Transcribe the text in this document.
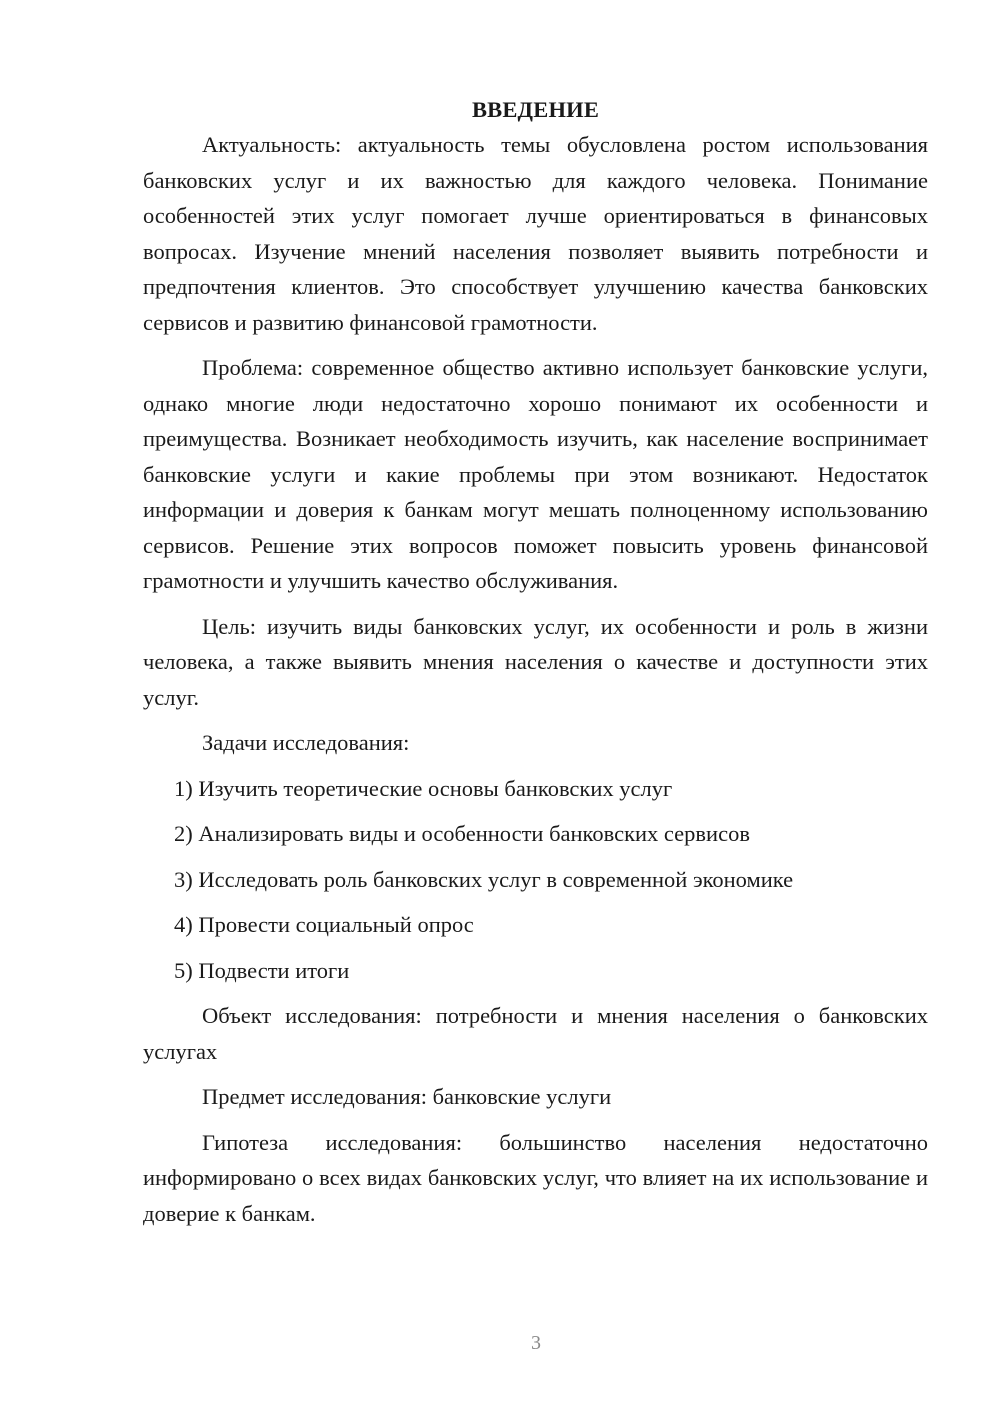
ВВЕДЕНИЕ

Актуальность: актуальность темы обусловлена ростом использования банковских услуг и их важностью для каждого человека. Понимание особенностей этих услуг помогает лучше ориентироваться в финансовых вопросах. Изучение мнений населения позволяет выявить потребности и предпочтения клиентов. Это способствует улучшению качества банковских сервисов и развитию финансовой грамотности.

Проблема: современное общество активно использует банковские услуги, однако многие люди недостаточно хорошо понимают их особенности и преимущества. Возникает необходимость изучить, как население воспринимает банковские услуги и какие проблемы при этом возникают. Недостаток информации и доверия к банкам могут мешать полноценному использованию сервисов. Решение этих вопросов поможет повысить уровень финансовой грамотности и улучшить качество обслуживания.

Цель: изучить виды банковских услуг, их особенности и роль в жизни человека, а также выявить мнения населения о качестве и доступности этих услуг.

Задачи исследования:

1) Изучить теоретические основы банковских услуг
2) Анализировать виды и особенности банковских сервисов
3) Исследовать роль банковских услуг в современной экономике
4) Провести социальный опрос
5) Подвести итоги

Объект исследования: потребности и мнения населения о банковских услугах

Предмет исследования: банковские услуги

Гипотеза исследования: большинство населения недостаточно информировано о всех видах банковских услуг, что влияет на их использование и доверие к банкам.

3
